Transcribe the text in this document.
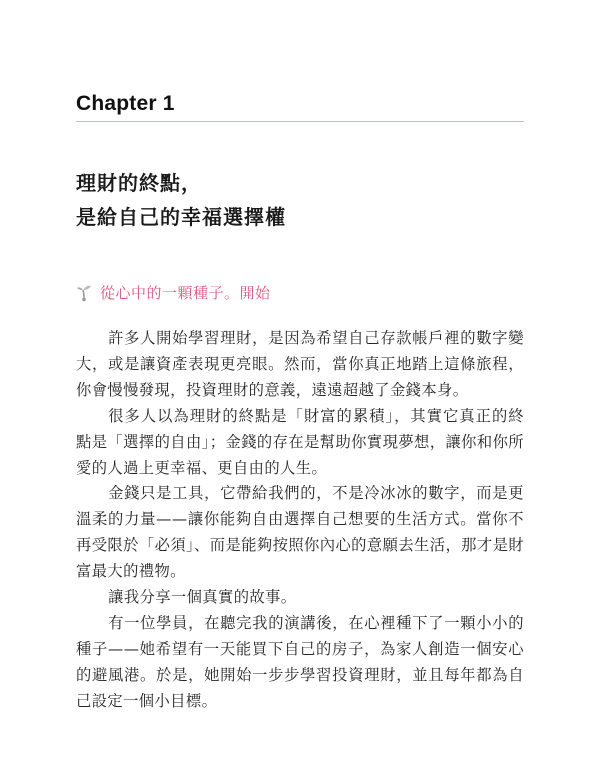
Chapter 1
理財的終點，
是給自己的幸福選擇權
從心中的一顆種子。開始

許多人開始學習理財，是因為希望自己存款帳戶裡的數字變大，或是讓資產表現更亮眼。然而，當你真正地踏上這條旅程，你會慢慢發現，投資理財的意義，遠遠超越了金錢本身。

很多人以為理財的終點是「財富的累積」，其實它真正的終點是「選擇的自由」；金錢的存在是幫助你實現夢想，讓你和你所愛的人過上更幸福、更自由的人生。

金錢只是工具，它帶給我們的，不是冷冰冰的數字，而是更溫柔的力量——讓你能夠自由選擇自己想要的生活方式。當你不再受限於「必須」、而是能夠按照你內心的意願去生活，那才是財富最大的禮物。

讓我分享一個真實的故事。

有一位學員，在聽完我的演講後，在心裡種下了一顆小小的種子——她希望有一天能買下自己的房子，為家人創造一個安心的避風港。於是，她開始一步步學習投資理財，並且每年都為自己設定一個小目標。
